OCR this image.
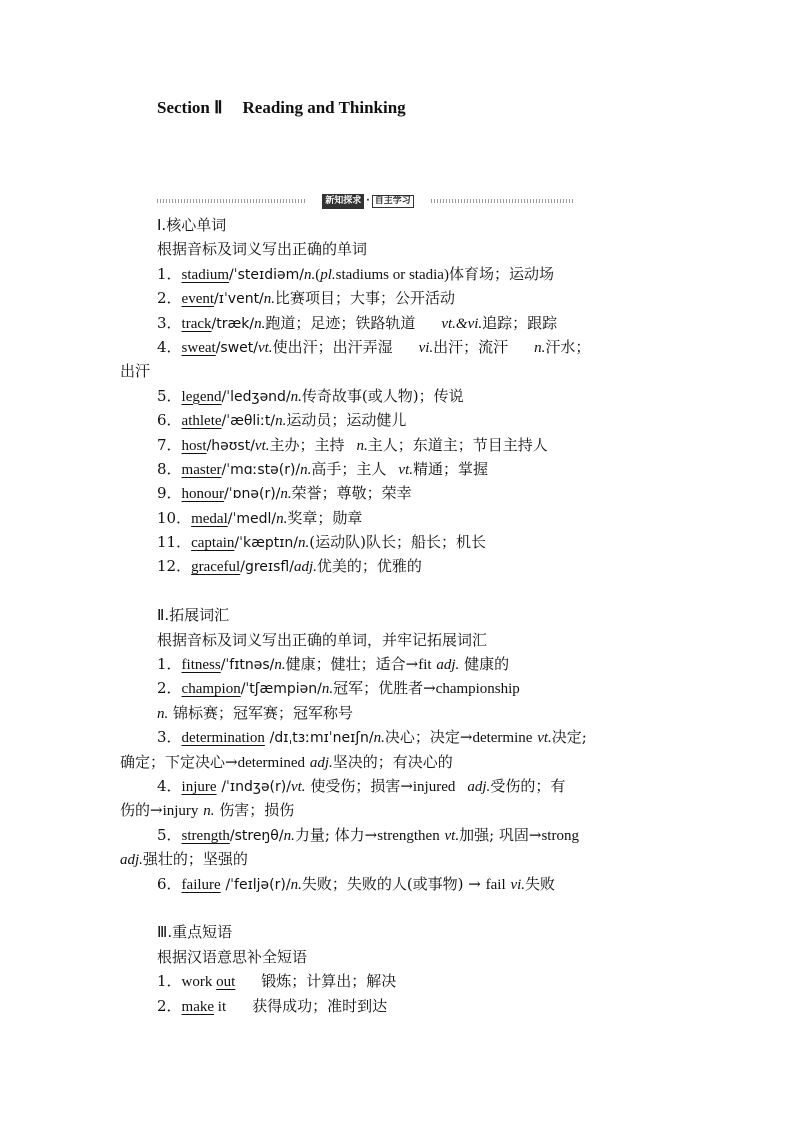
Section Ⅱ Reading and Thinking
新知探求 · 自主学习
Ⅰ.核心单词
根据音标及词义写出正确的单词
1．stadium/ˈsteɪdiəm/n.(pl.stadiums or stadia)体育场；运动场
2．event/ɪˈvent/n.比赛项目；大事；公开活动
3．track/træk/n.跑道；足迹；铁路轨道 vt.&vi.追踪；跟踪
4．sweat/swet/vt.使出汗；出汗弄湿 vi.出汗；流汗 n.汗水；
出汗
5．legend/ˈledʒənd/n.传奇故事(或人物)；传说
6．athlete/ˈæθliːt/n.运动员；运动健儿
7．host/həʊst/vt.主办；主持 n.主人；东道主；节目主持人
8．master/ˈmɑːstə(r)/n.高手；主人 vt.精通；掌握
9．honour/ˈɒnə(r)/n.荣誉；尊敬；荣幸
10．medal/ˈmedl/n.奖章；勋章
11．captain/ˈkæptɪn/n.(运动队)队长；船长；机长
12．graceful/greɪsfl/adj.优美的；优雅的
Ⅱ.拓展词汇
根据音标及词义写出正确的单词，并牢记拓展词汇
1．fitness/ˈfɪtnəs/n.健康；健壮；适合→fit adj. 健康的
2．champion/ˈtʃæmpiən/n.冠军；优胜者→championship
n. 锦标赛；冠军赛；冠军称号
3．determination /dɪˌtɜːmɪˈneɪʃn/n.决心；决定→determine vt.决定;
确定；下定决心→determined adj.坚决的；有决心的
4．injure /ˈɪndʒə(r)/vt. 使受伤；损害→injured adj.受伤的；有
伤的→injury n. 伤害；损伤
5．strength/streŋθ/n.力量; 体力→strengthen vt.加强; 巩固→strong
adj.强壮的；坚强的
6．failure /ˈfeɪljə(r)/n.失败；失败的人(或事物) → fail vi.失败
Ⅲ.重点短语
根据汉语意思补全短语
1．work out 锻炼；计算出；解决
2．make it 获得成功；准时到达
